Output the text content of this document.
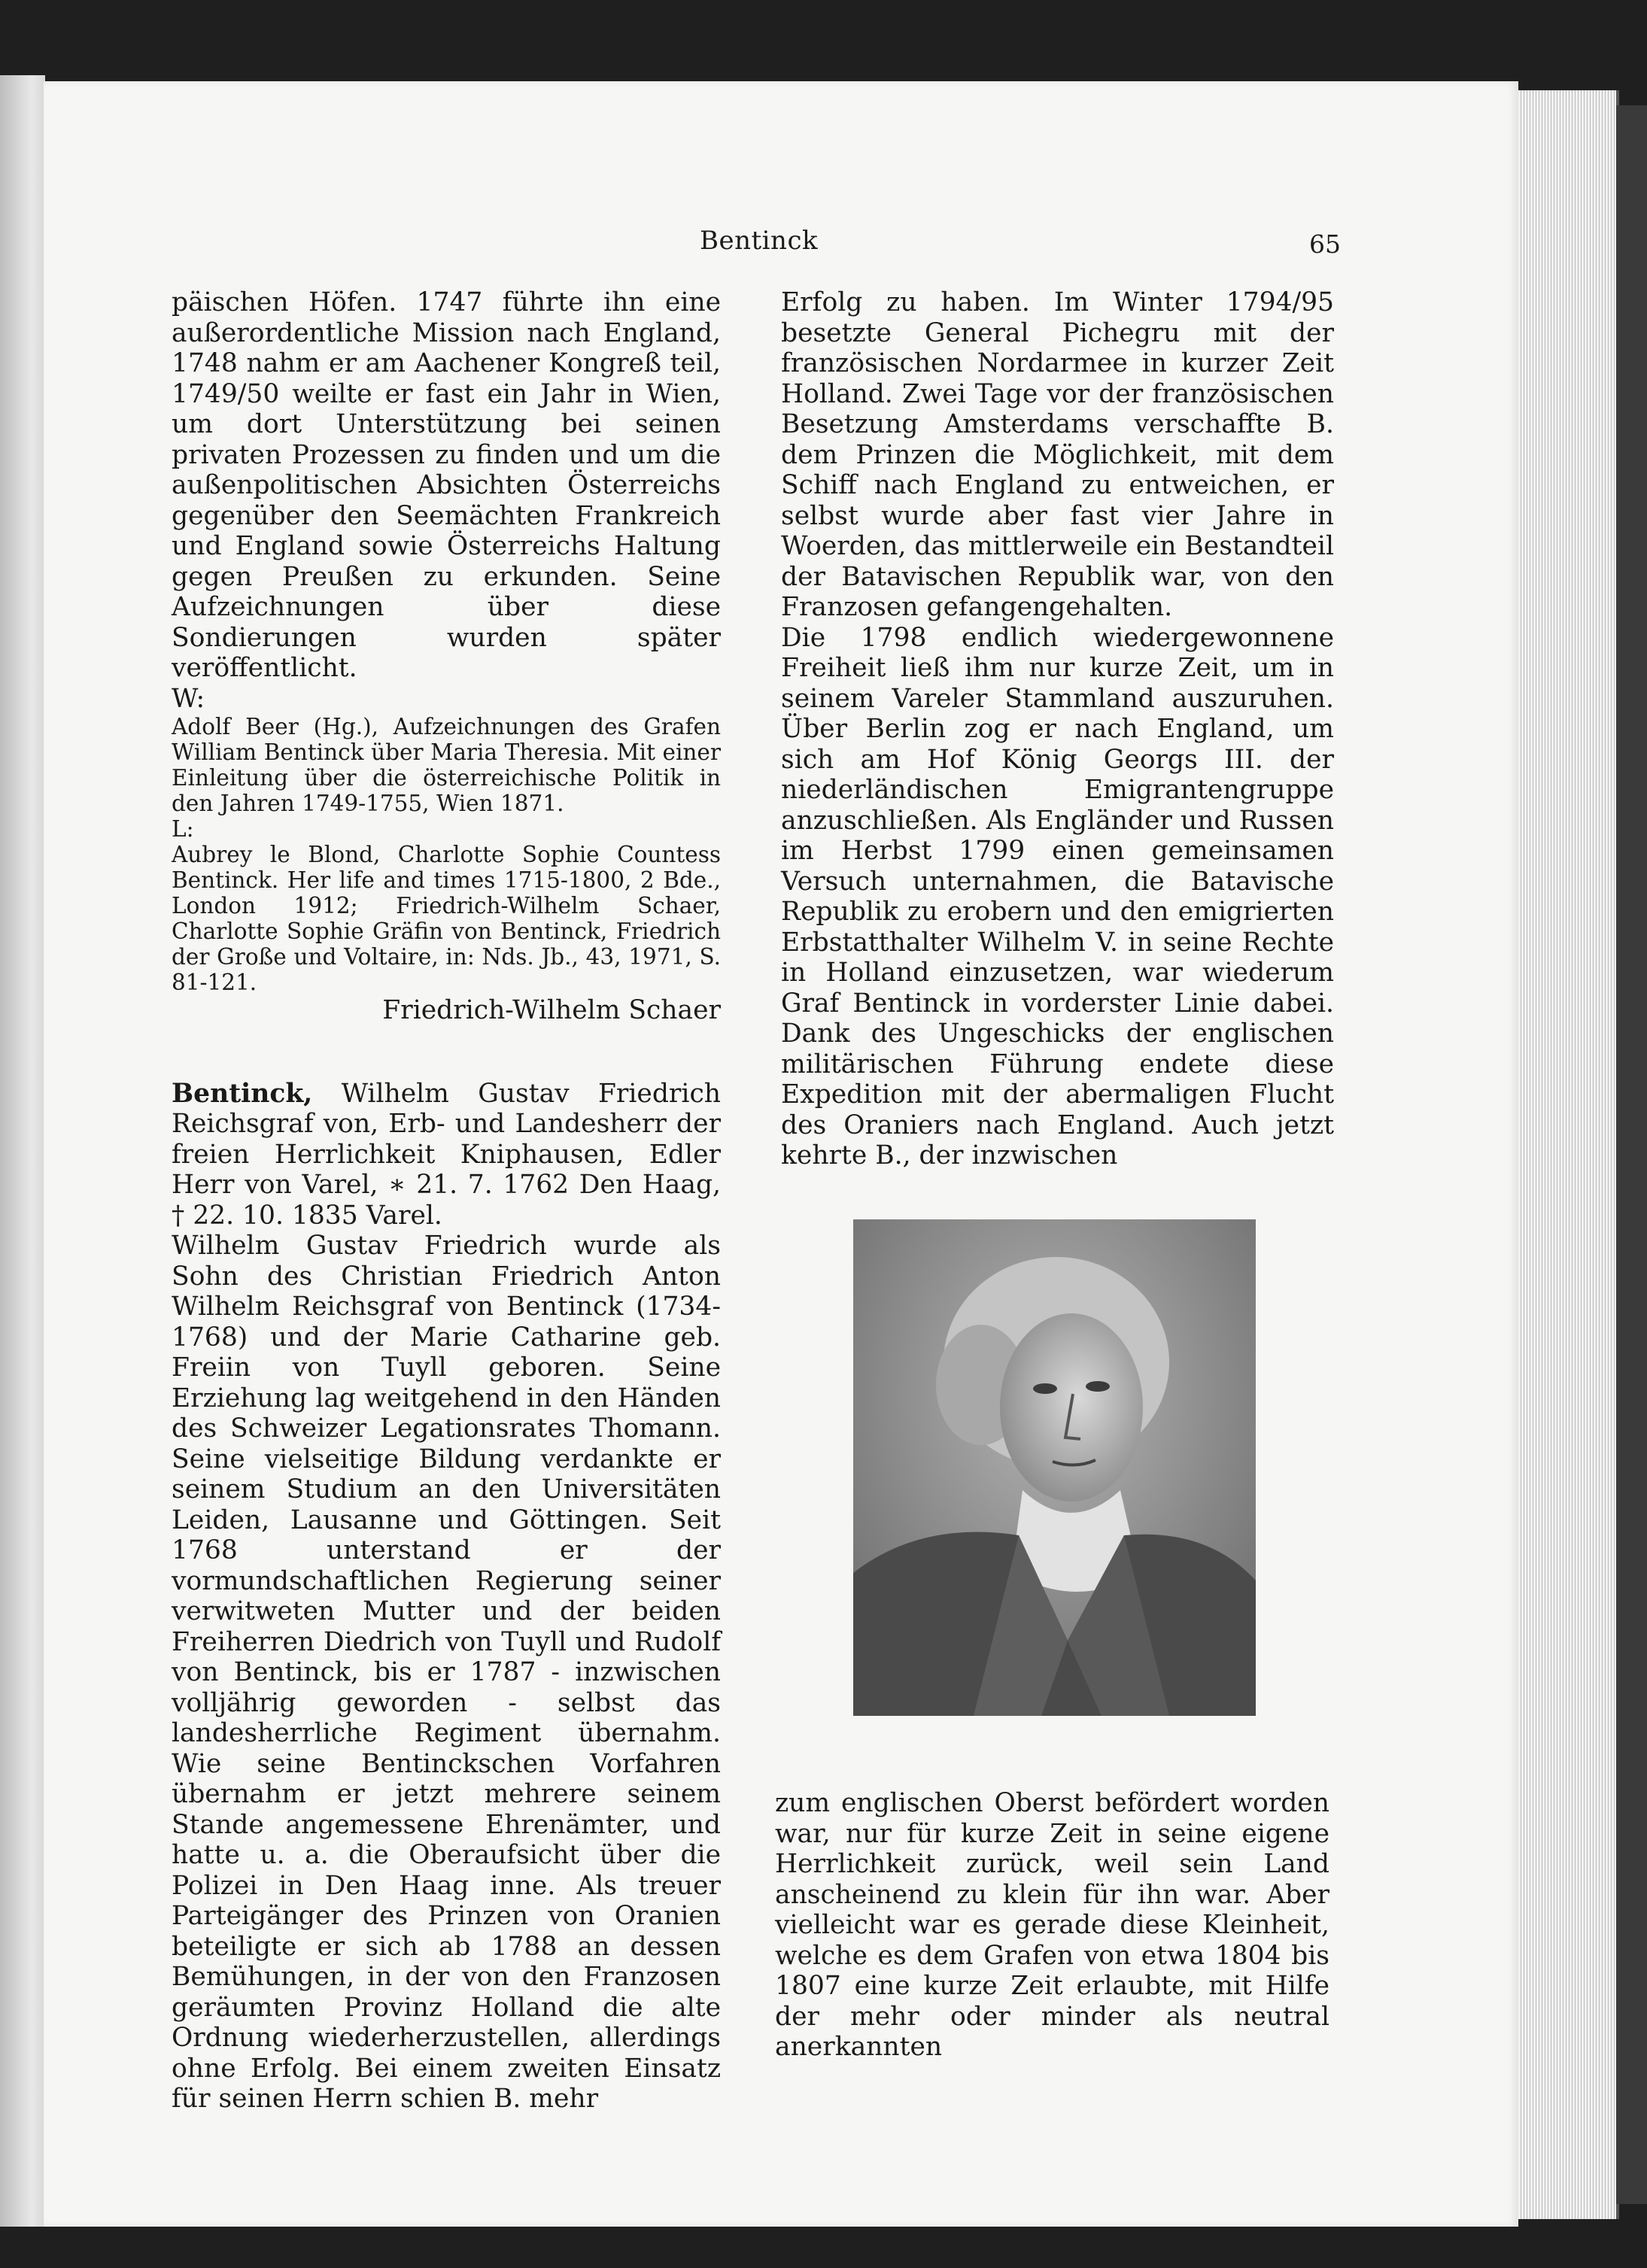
Bentinck	65

päischen Höfen. 1747 führte ihn eine außerordentliche Mission nach England, 1748 nahm er am Aachener Kongreß teil, 1749/50 weilte er fast ein Jahr in Wien, um dort Unterstützung bei seinen privaten Prozessen zu finden und um die außenpolitischen Absichten Österreichs gegenüber den Seemächten Frankreich und England sowie Österreichs Haltung gegen Preußen zu erkunden. Seine Aufzeichnungen über diese Sondierungen wurden später veröffentlicht.

W:

Adolf Beer (Hg.), Aufzeichnungen des Grafen William Bentinck über Maria Theresia. Mit einer Einleitung über die österreichische Politik in den Jahren 1749-1755, Wien 1871.

L:

Aubrey le Blond, Charlotte Sophie Countess Bentinck. Her life and times 1715-1800, 2 Bde., London 1912; Friedrich-Wilhelm Schaer, Charlotte Sophie Gräfin von Bentinck, Friedrich der Große und Voltaire, in: Nds. Jb., 43, 1971, S. 81-121.

Friedrich-Wilhelm Schaer

Bentinck, Wilhelm Gustav Friedrich Reichsgraf von, Erb- und Landesherr der freien Herrlichkeit Kniphausen, Edler Herr von Varel, ∗ 21. 7. 1762 Den Haag, † 22. 10. 1835 Varel.

Wilhelm Gustav Friedrich wurde als Sohn des Christian Friedrich Anton Wilhelm Reichsgraf von Bentinck (1734-1768) und der Marie Catharine geb. Freiin von Tuyll geboren. Seine Erziehung lag weitgehend in den Händen des Schweizer Legationsrates Thomann. Seine vielseitige Bildung verdankte er seinem Studium an den Universitäten Leiden, Lausanne und Göttingen. Seit 1768 unterstand er der vormundschaftlichen Regierung seiner verwitweten Mutter und der beiden Freiherren Diedrich von Tuyll und Rudolf von Bentinck, bis er 1787 - inzwischen volljährig geworden - selbst das landesherrliche Regiment übernahm. Wie seine Bentinckschen Vorfahren übernahm er jetzt mehrere seinem Stande angemessene Ehrenämter, und hatte u. a. die Oberaufsicht über die Polizei in Den Haag inne. Als treuer Parteigänger des Prinzen von Oranien beteiligte er sich ab 1788 an dessen Bemühungen, in der von den Franzosen geräumten Provinz Holland die alte Ordnung wiederherzustellen, allerdings ohne Erfolg. Bei einem zweiten Einsatz für seinen Herrn schien B. mehr

Erfolg zu haben. Im Winter 1794/95 besetzte General Pichegru mit der französischen Nordarmee in kurzer Zeit Holland. Zwei Tage vor der französischen Besetzung Amsterdams verschaffte B. dem Prinzen die Möglichkeit, mit dem Schiff nach England zu entweichen, er selbst wurde aber fast vier Jahre in Woerden, das mittlerweile ein Bestandteil der Batavischen Republik war, von den Franzosen gefangengehalten.

Die 1798 endlich wiedergewonnene Freiheit ließ ihm nur kurze Zeit, um in seinem Vareler Stammland auszuruhen. Über Berlin zog er nach England, um sich am Hof König Georgs III. der niederländischen Emigrantengruppe anzuschließen. Als Engländer und Russen im Herbst 1799 einen gemeinsamen Versuch unternahmen, die Batavische Republik zu erobern und den emigrierten Erbstatthalter Wilhelm V. in seine Rechte in Holland einzusetzen, war wiederum Graf Bentinck in vorderster Linie dabei. Dank des Ungeschicks der englischen militärischen Führung endete diese Expedition mit der abermaligen Flucht des Oraniers nach England. Auch jetzt kehrte B., der inzwischen

zum englischen Oberst befördert worden war, nur für kurze Zeit in seine eigene Herrlichkeit zurück, weil sein Land anscheinend zu klein für ihn war. Aber vielleicht war es gerade diese Kleinheit, welche es dem Grafen von etwa 1804 bis 1807 eine kurze Zeit erlaubte, mit Hilfe der mehr oder minder als neutral anerkannten
